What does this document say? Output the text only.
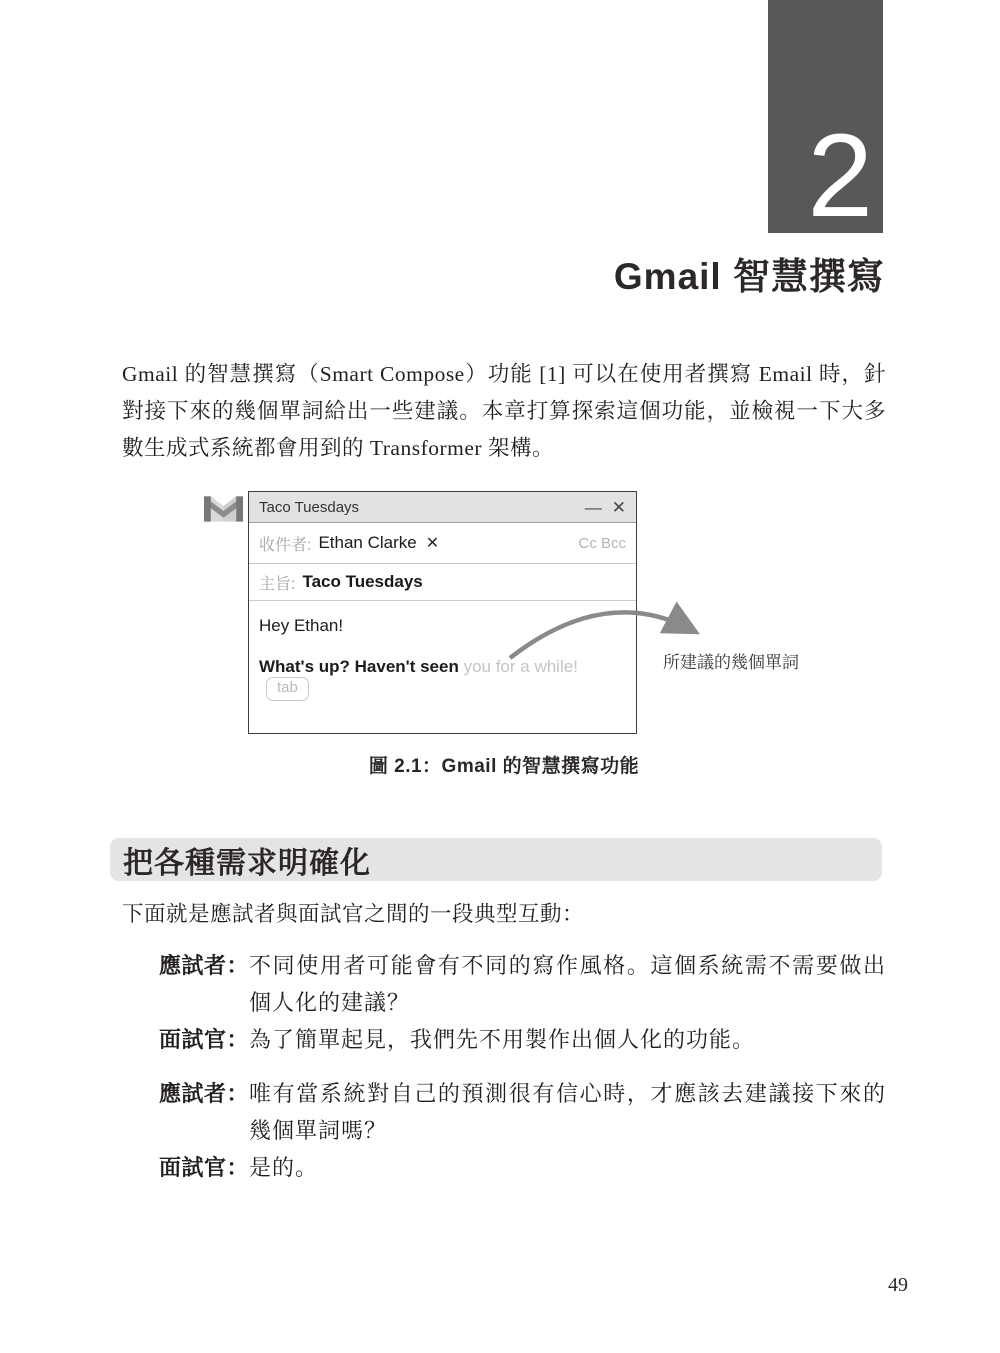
2
Gmail 智慧撰寫

Gmail 的智慧撰寫（Smart Compose）功能 [1] 可以在使用者撰寫 Email 時，針對接下來的幾個單詞給出一些建議。本章打算探索這個功能，並檢視一下大多數生成式系統都會用到的 Transformer 架構。

Taco Tuesdays	— ✕
收件者: Ethan Clarke ✕	Cc Bcc
主旨: Taco Tuesdays
Hey Ethan!
What's up? Haven't seen you for a while! tab
所建議的幾個單詞
圖 2.1：Gmail 的智慧撰寫功能
把各種需求明確化

下面就是應試者與面試官之間的一段典型互動：

應試者： 不同使用者可能會有不同的寫作風格。這個系統需不需要做出個人化的建議？
面試官： 為了簡單起見，我們先不用製作出個人化的功能。
應試者： 唯有當系統對自己的預測很有信心時，才應該去建議接下來的幾個單詞嗎？
面試官： 是的。
49
